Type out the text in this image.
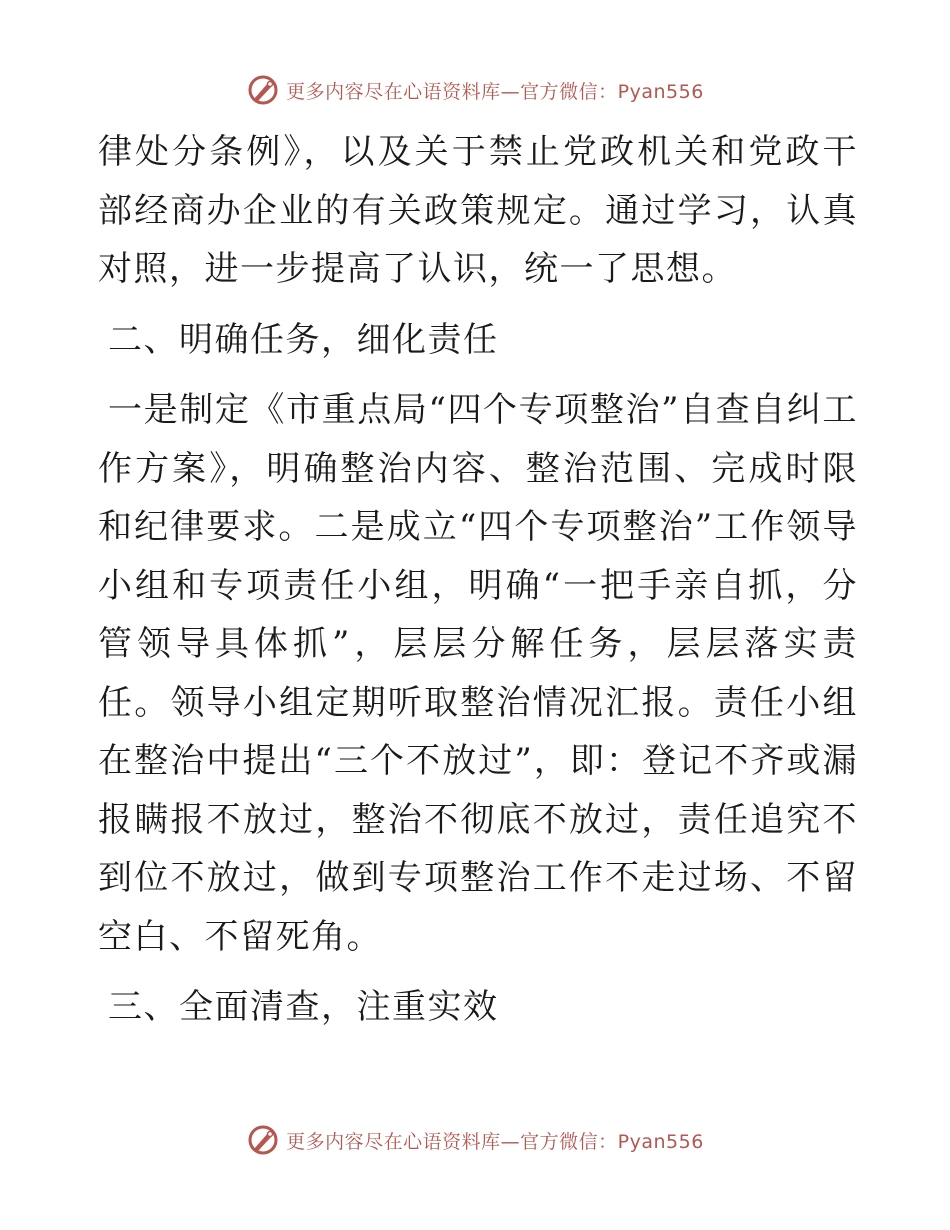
更多内容尽在心语资料库—官方微信：Pyan556

律处分条例》，以及关于禁止党政机关和党政干部经商办企业的有关政策规定。通过学习，认真对照，进一步提高了认识，统一了思想。

二、明确任务，细化责任

一是制定《市重点局“四个专项整治”自查自纠工作方案》，明确整治内容、整治范围、完成时限和纪律要求。二是成立“四个专项整治”工作领导小组和专项责任小组，明确“一把手亲自抓，分管领导具体抓”，层层分解任务，层层落实责任。领导小组定期听取整治情况汇报。责任小组在整治中提出“三个不放过”，即：登记不齐或漏报瞒报不放过，整治不彻底不放过，责任追究不到位不放过，做到专项整治工作不走过场、不留空白、不留死角。

三、全面清查，注重实效

更多内容尽在心语资料库—官方微信：Pyan556
